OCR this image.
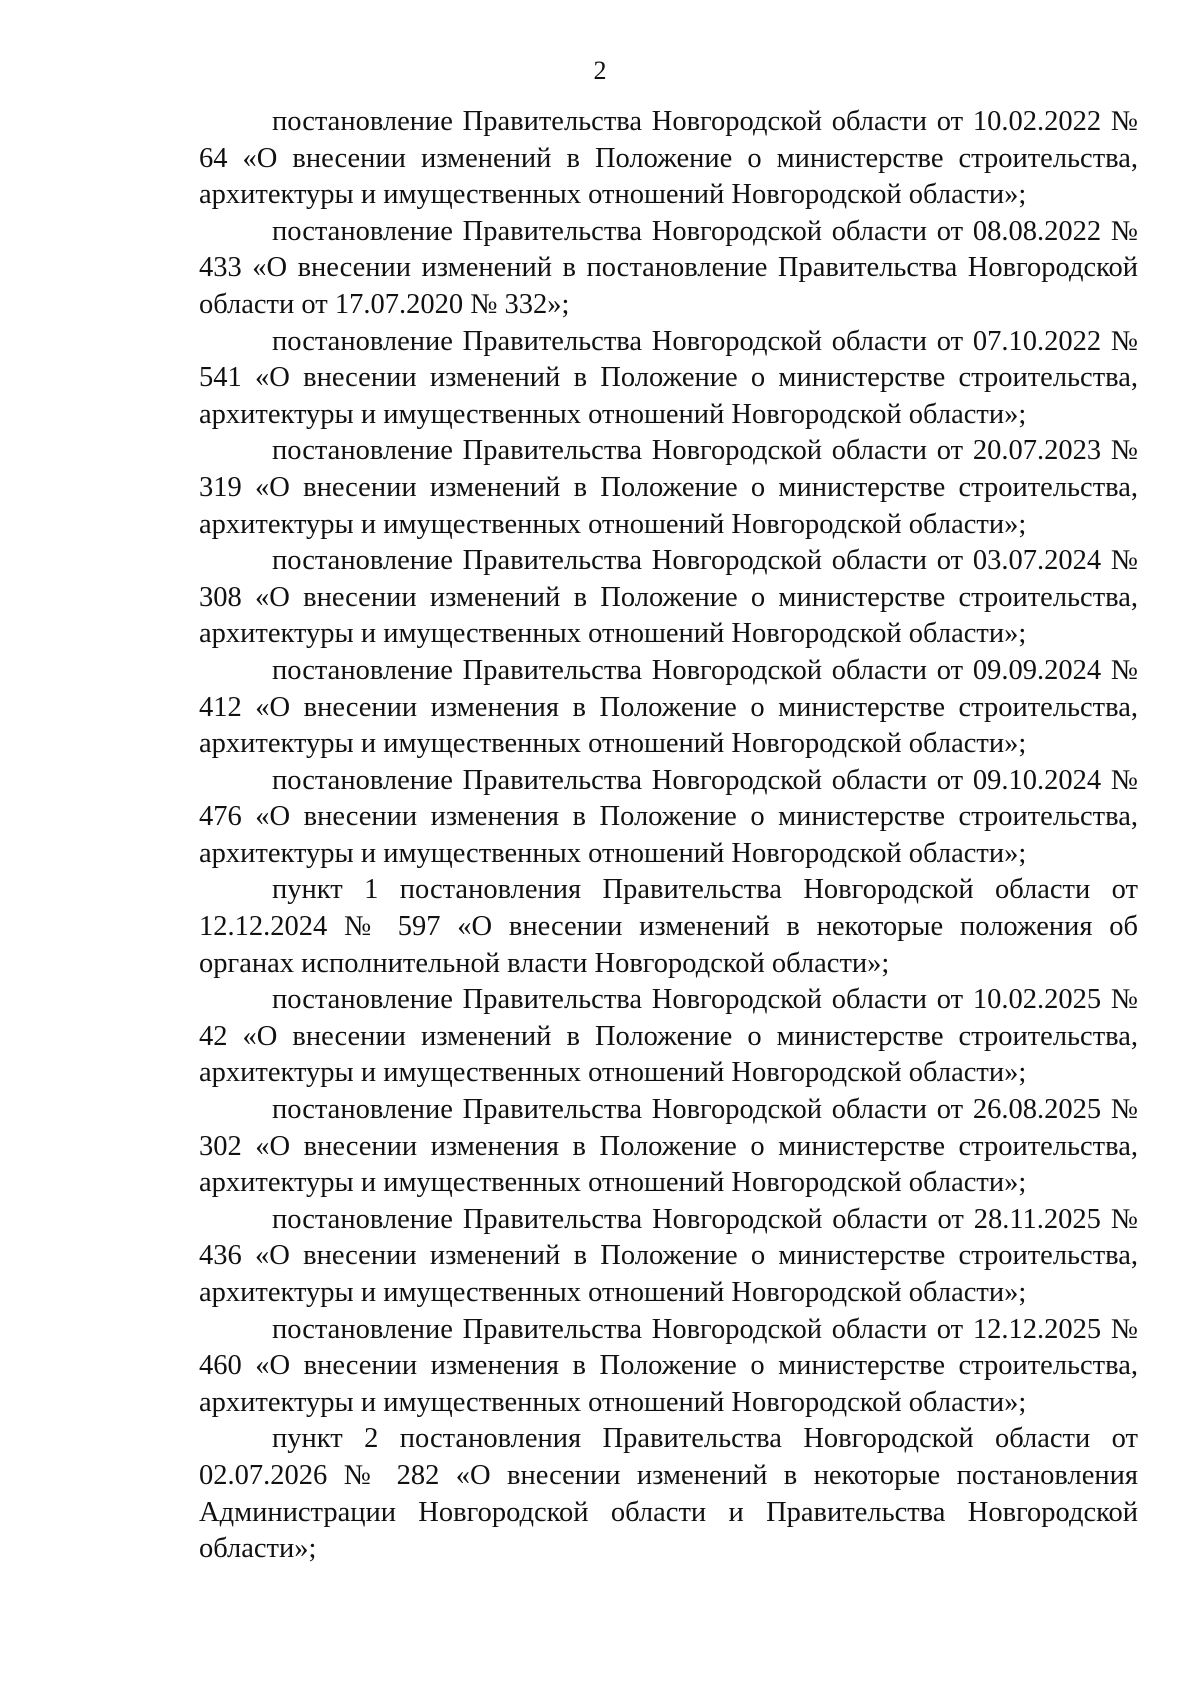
2

постановление Правительства Новгородской области от 10.02.2022 № 64 «О внесении изменений в Положение о министерстве строительства, архитектуры и имущественных отношений Новгородской области»;

постановление Правительства Новгородской области от 08.08.2022 № 433 «О внесении изменений в постановление Правительства Новгородской области от 17.07.2020 № 332»;

постановление Правительства Новгородской области от 07.10.2022 № 541 «О внесении изменений в Положение о министерстве строительства, архитектуры и имущественных отношений Новгородской области»;

постановление Правительства Новгородской области от 20.07.2023 № 319 «О внесении изменений в Положение о министерстве строительства, архитектуры и имущественных отношений Новгородской области»;

постановление Правительства Новгородской области от 03.07.2024 № 308 «О внесении изменений в Положение о министерстве строительства, архитектуры и имущественных отношений Новгородской области»;

постановление Правительства Новгородской области от 09.09.2024 № 412 «О внесении изменения в Положение о министерстве строительства, архитектуры и имущественных отношений Новгородской области»;

постановление Правительства Новгородской области от 09.10.2024 № 476 «О внесении изменения в Положение о министерстве строительства, архитектуры и имущественных отношений Новгородской области»;

пункт 1 постановления Правительства Новгородской области от 12.12.2024 № 597 «О внесении изменений в некоторые положения об органах исполнительной власти Новгородской области»;

постановление Правительства Новгородской области от 10.02.2025 № 42 «О внесении изменений в Положение о министерстве строительства, архитектуры и имущественных отношений Новгородской области»;

постановление Правительства Новгородской области от 26.08.2025 № 302 «О внесении изменения в Положение о министерстве строительства, архитектуры и имущественных отношений Новгородской области»;

постановление Правительства Новгородской области от 28.11.2025 № 436 «О внесении изменений в Положение о министерстве строительства, архитектуры и имущественных отношений Новгородской области»;

постановление Правительства Новгородской области от 12.12.2025 № 460 «О внесении изменения в Положение о министерстве строительства, архитектуры и имущественных отношений Новгородской области»;

пункт 2 постановления Правительства Новгородской области от 02.07.2026 № 282 «О внесении изменений в некоторые постановления Администрации Новгородской области и Правительства Новгородской области»;
